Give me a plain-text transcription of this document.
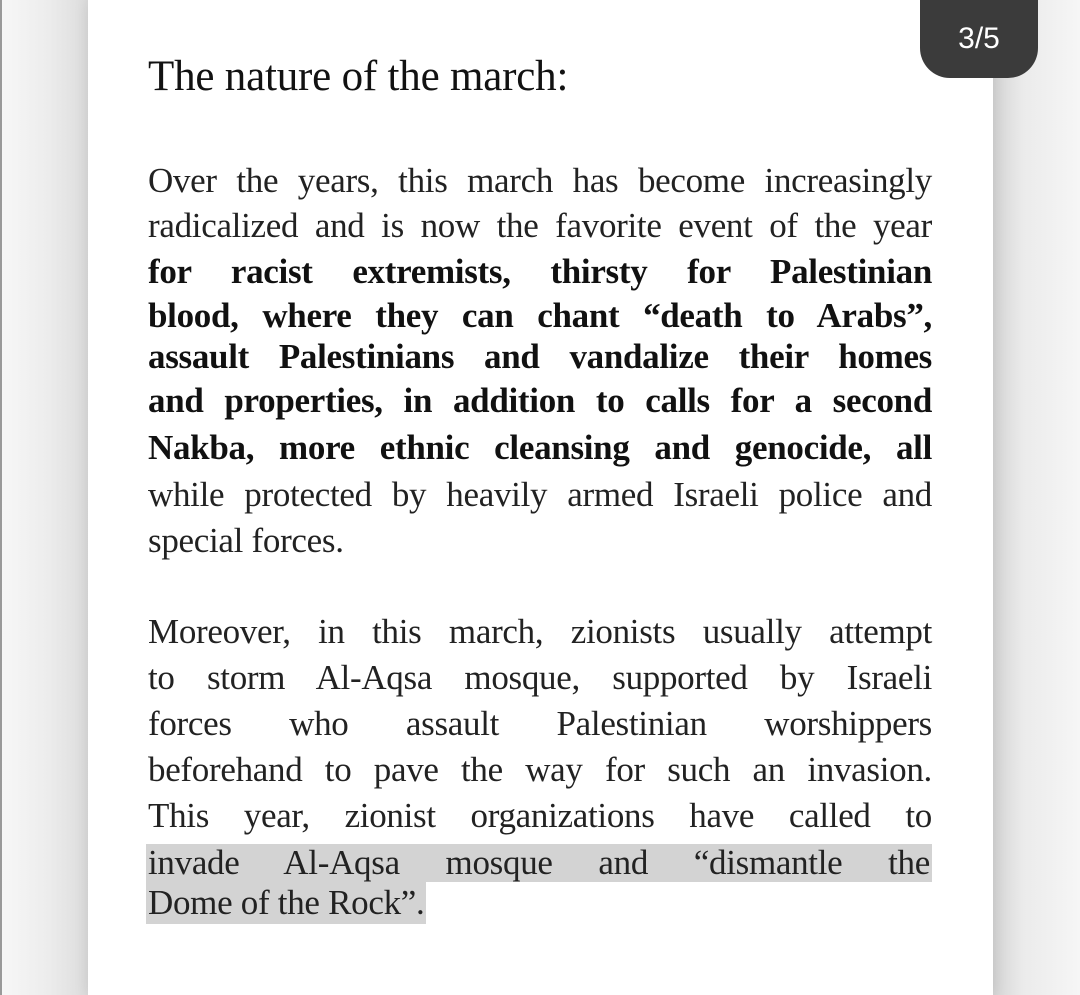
3/5
The nature of the march:
Over the years, this march has become increasingly
radicalized and is now the favorite event of the year
for racist extremists, thirsty for Palestinian
blood, where they can chant “death to Arabs”,
assault Palestinians and vandalize their homes
and properties, in addition to calls for a second
Nakba, more ethnic cleansing and genocide, all
while protected by heavily armed Israeli police and
special forces.
Moreover, in this march, zionists usually attempt
to storm Al-Aqsa mosque, supported by Israeli
forces who assault Palestinian worshippers
beforehand to pave the way for such an invasion.
This year, zionist organizations have called to
invade Al-Aqsa mosque and “dismantle the
Dome of the Rock”.
